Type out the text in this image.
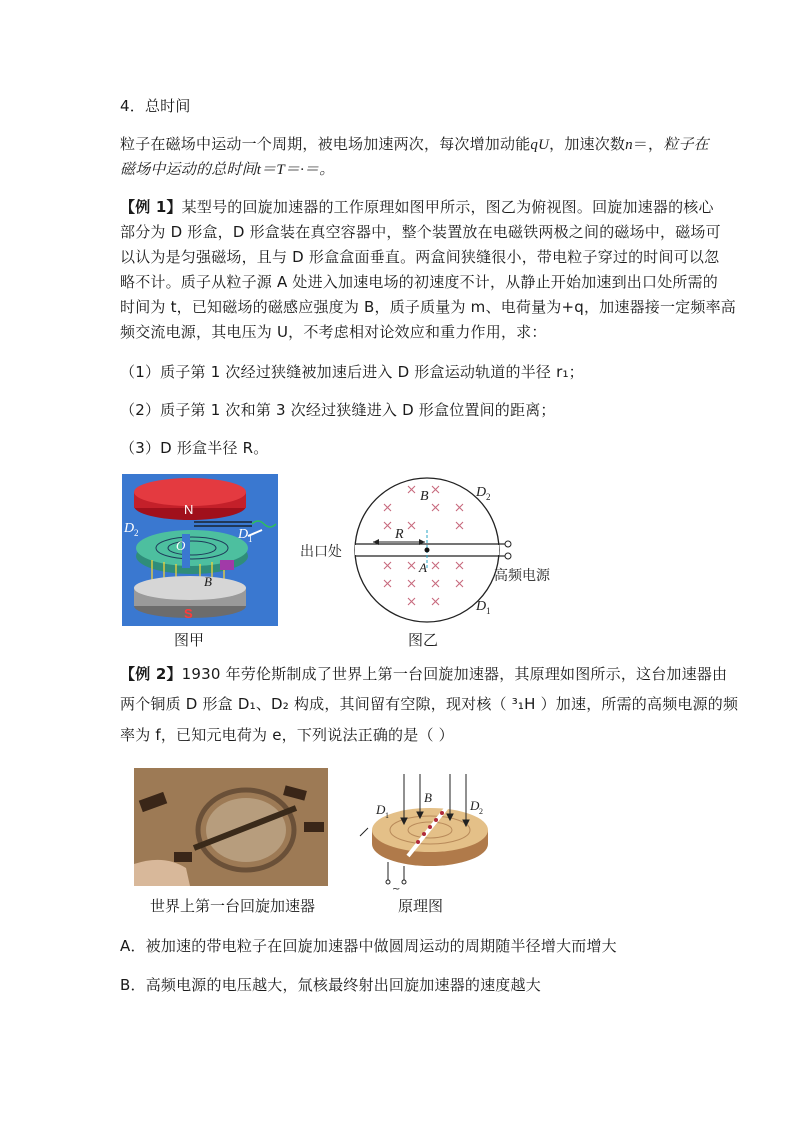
4．总时间
粒子在磁场中运动一个周期，被电场加速两次，每次增加动能qU，加速次数n＝，粒子在
磁场中运动的总时间t＝T＝·＝。
【例 1】某型号的回旋加速器的工作原理如图甲所示，图乙为俯视图。回旋加速器的核心
部分为 D 形盒，D 形盒装在真空容器中，整个装置放在电磁铁两极之间的磁场中，磁场可
以认为是匀强磁场，且与 D 形盒盒面垂直。两盒间狭缝很小，带电粒子穿过的时间可以忽
略不计。质子从粒子源 A 处进入加速电场的初速度不计，从静止开始加速到出口处所需的
时间为 t，已知磁场的磁感应强度为 B，质子质量为 m、电荷量为+q，加速器接一定频率高
频交流电源，其电压为 U，不考虑相对论效应和重力作用，求：
（1）质子第 1 次经过狭缝被加速后进入 D 形盒运动轨道的半径 r₁；
（2）质子第 1 次和第 3 次经过狭缝进入 D 形盒位置间的距离；
（3）D 形盒半径 R。
N
S
D 2	D 1
O
B
图甲
B	D 2
D 1
R
A
出口处
高频电源
图乙
【例 2】1930 年劳伦斯制成了世界上第一台回旋加速器，其原理如图所示，这台加速器由
两个铜质 D 形盒 D₁、D₂ 构成，其间留有空隙，现对核（ ³₁H ）加速，所需的高频电源的频
率为 f，已知元电荷为 e，下列说法正确的是（ ）
世界上第一台回旋加速器
D 1
D 2
B
~
原理图
A．被加速的带电粒子在回旋加速器中做圆周运动的周期随半径增大而增大
B．高频电源的电压越大，氚核最终射出回旋加速器的速度越大
